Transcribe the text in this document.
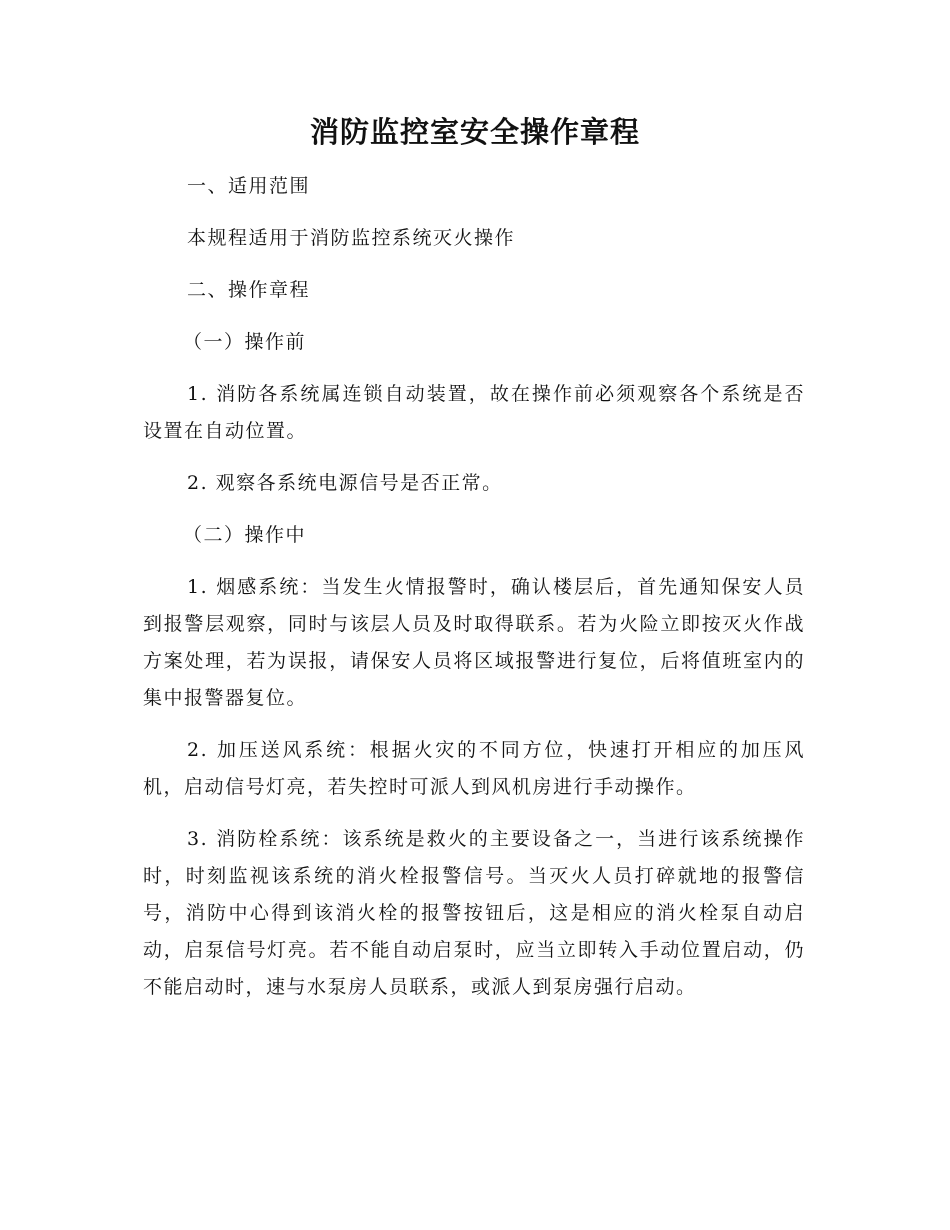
消防监控室安全操作章程

一、适用范围

本规程适用于消防监控系统灭火操作

二、操作章程

（一）操作前

1. 消防各系统属连锁自动装置，故在操作前必须观察各个系统是否设置在自动位置。

2. 观察各系统电源信号是否正常。

（二）操作中

1. 烟感系统：当发生火情报警时，确认楼层后，首先通知保安人员到报警层观察，同时与该层人员及时取得联系。若为火险立即按灭火作战方案处理，若为误报，请保安人员将区域报警进行复位，后将值班室内的集中报警器复位。

2. 加压送风系统：根据火灾的不同方位，快速打开相应的加压风机，启动信号灯亮，若失控时可派人到风机房进行手动操作。

3. 消防栓系统：该系统是救火的主要设备之一，当进行该系统操作时，时刻监视该系统的消火栓报警信号。当灭火人员打碎就地的报警信号，消防中心得到该消火栓的报警按钮后，这是相应的消火栓泵自动启动，启泵信号灯亮。若不能自动启泵时，应当立即转入手动位置启动，仍不能启动时，速与水泵房人员联系，或派人到泵房强行启动。
